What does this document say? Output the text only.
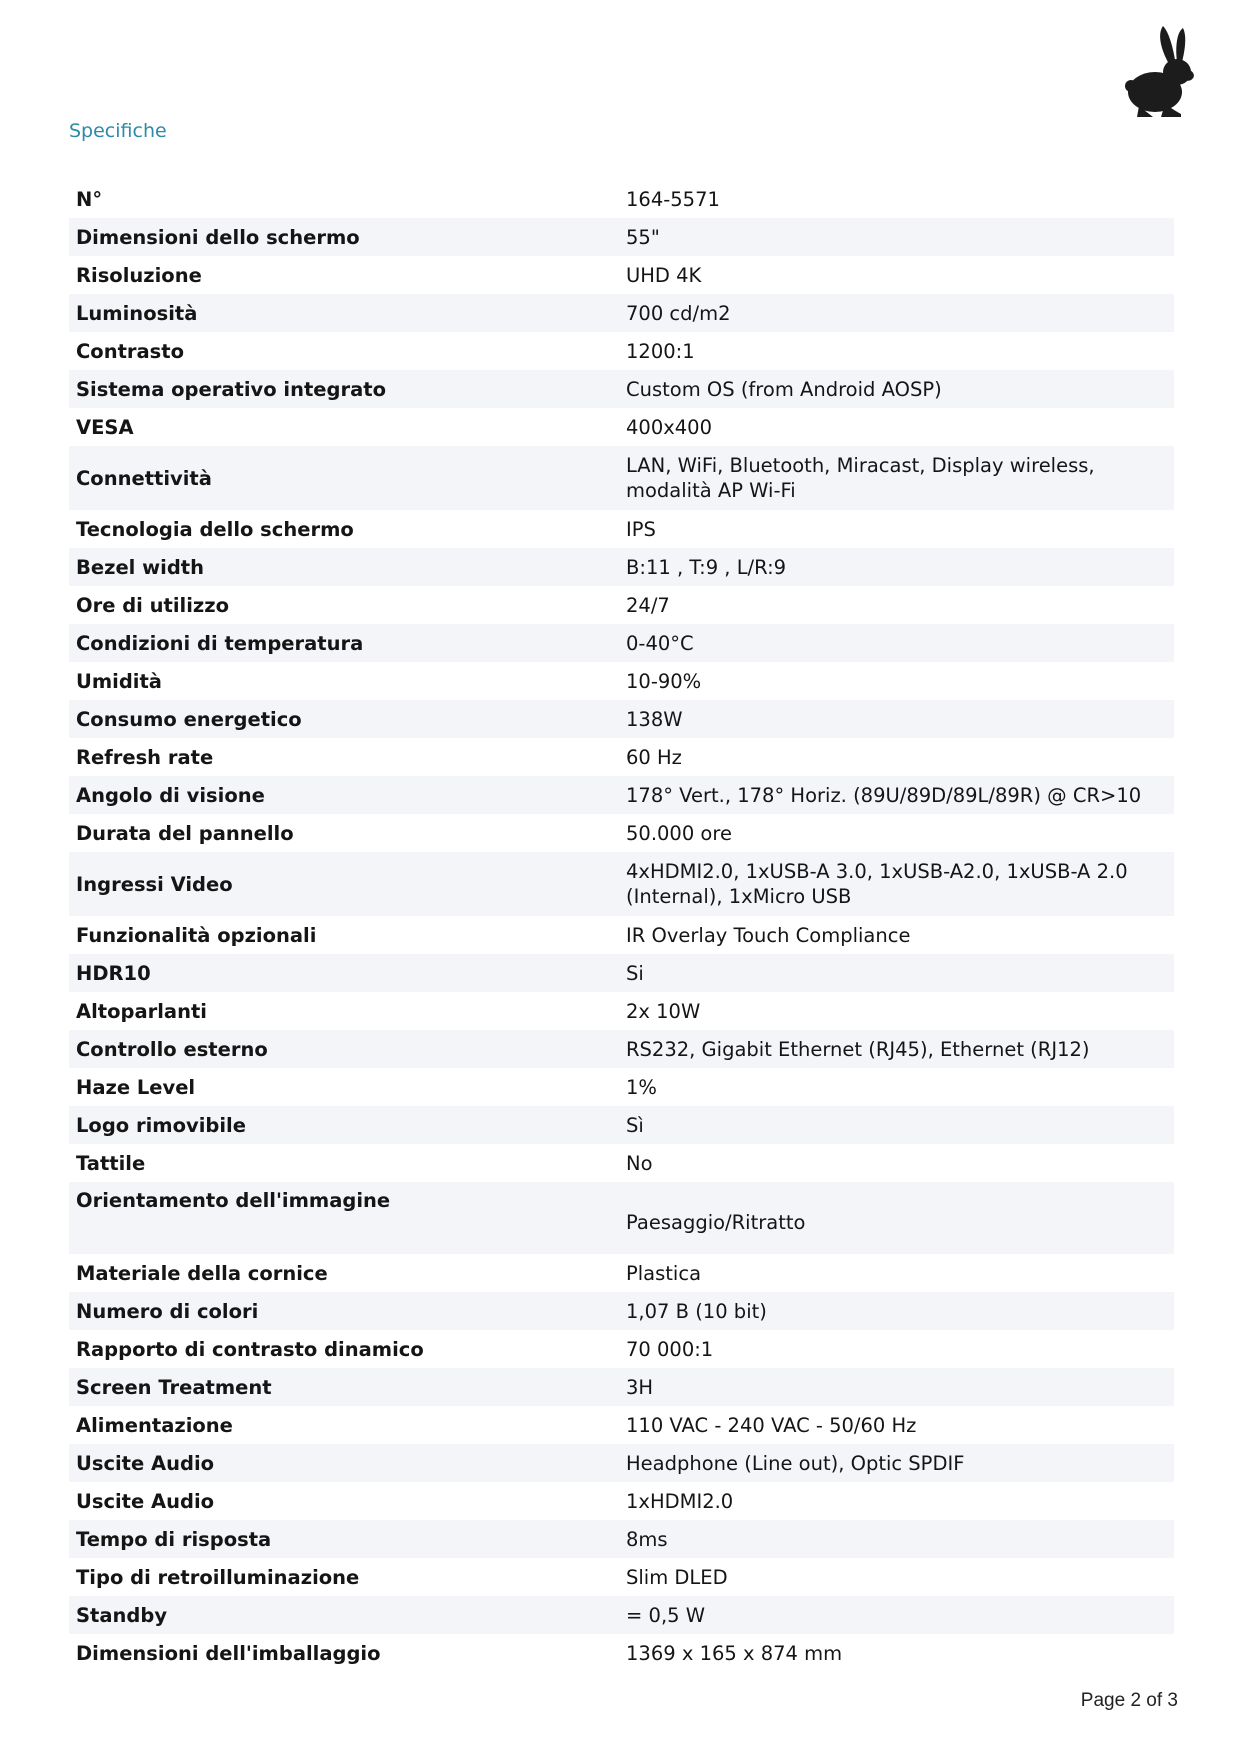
Specifiche
N°	164-5571
Dimensioni dello schermo	55"
Risoluzione	UHD 4K
Luminosità	700 cd/m2
Contrasto	1200:1
Sistema operativo integrato	Custom OS (from Android AOSP)
VESA	400x400
Connettività	LAN, WiFi, Bluetooth, Miracast, Display wireless, modalità AP Wi-Fi
Tecnologia dello schermo	IPS
Bezel width	B:11 , T:9 , L/R:9
Ore di utilizzo	24/7
Condizioni di temperatura	0-40°C
Umidità	10-90%
Consumo energetico	138W
Refresh rate	60 Hz
Angolo di visione	178° Vert., 178° Horiz. (89U/89D/89L/89R) @ CR>10
Durata del pannello	50.000 ore
Ingressi Video	4xHDMI2.0, 1xUSB-A 3.0, 1xUSB-A2.0, 1xUSB-A 2.0 (Internal), 1xMicro USB
Funzionalità opzionali	IR Overlay Touch Compliance
HDR10	Si
Altoparlanti	2x 10W
Controllo esterno	RS232, Gigabit Ethernet (RJ45), Ethernet (RJ12)
Haze Level	1%
Logo rimovibile	Sì
Tattile	No
Orientamento dell'immagine	Paesaggio/Ritratto
Materiale della cornice	Plastica
Numero di colori	1,07 B (10 bit)
Rapporto di contrasto dinamico	70 000:1
Screen Treatment	3H
Alimentazione	110 VAC - 240 VAC - 50/60 Hz
Uscite Audio	Headphone (Line out), Optic SPDIF
Uscite Audio	1xHDMI2.0
Tempo di risposta	8ms
Tipo di retroilluminazione	Slim DLED
Standby	= 0,5 W
Dimensioni dell'imballaggio	1369 x 165 x 874 mm
Page 2 of 3
